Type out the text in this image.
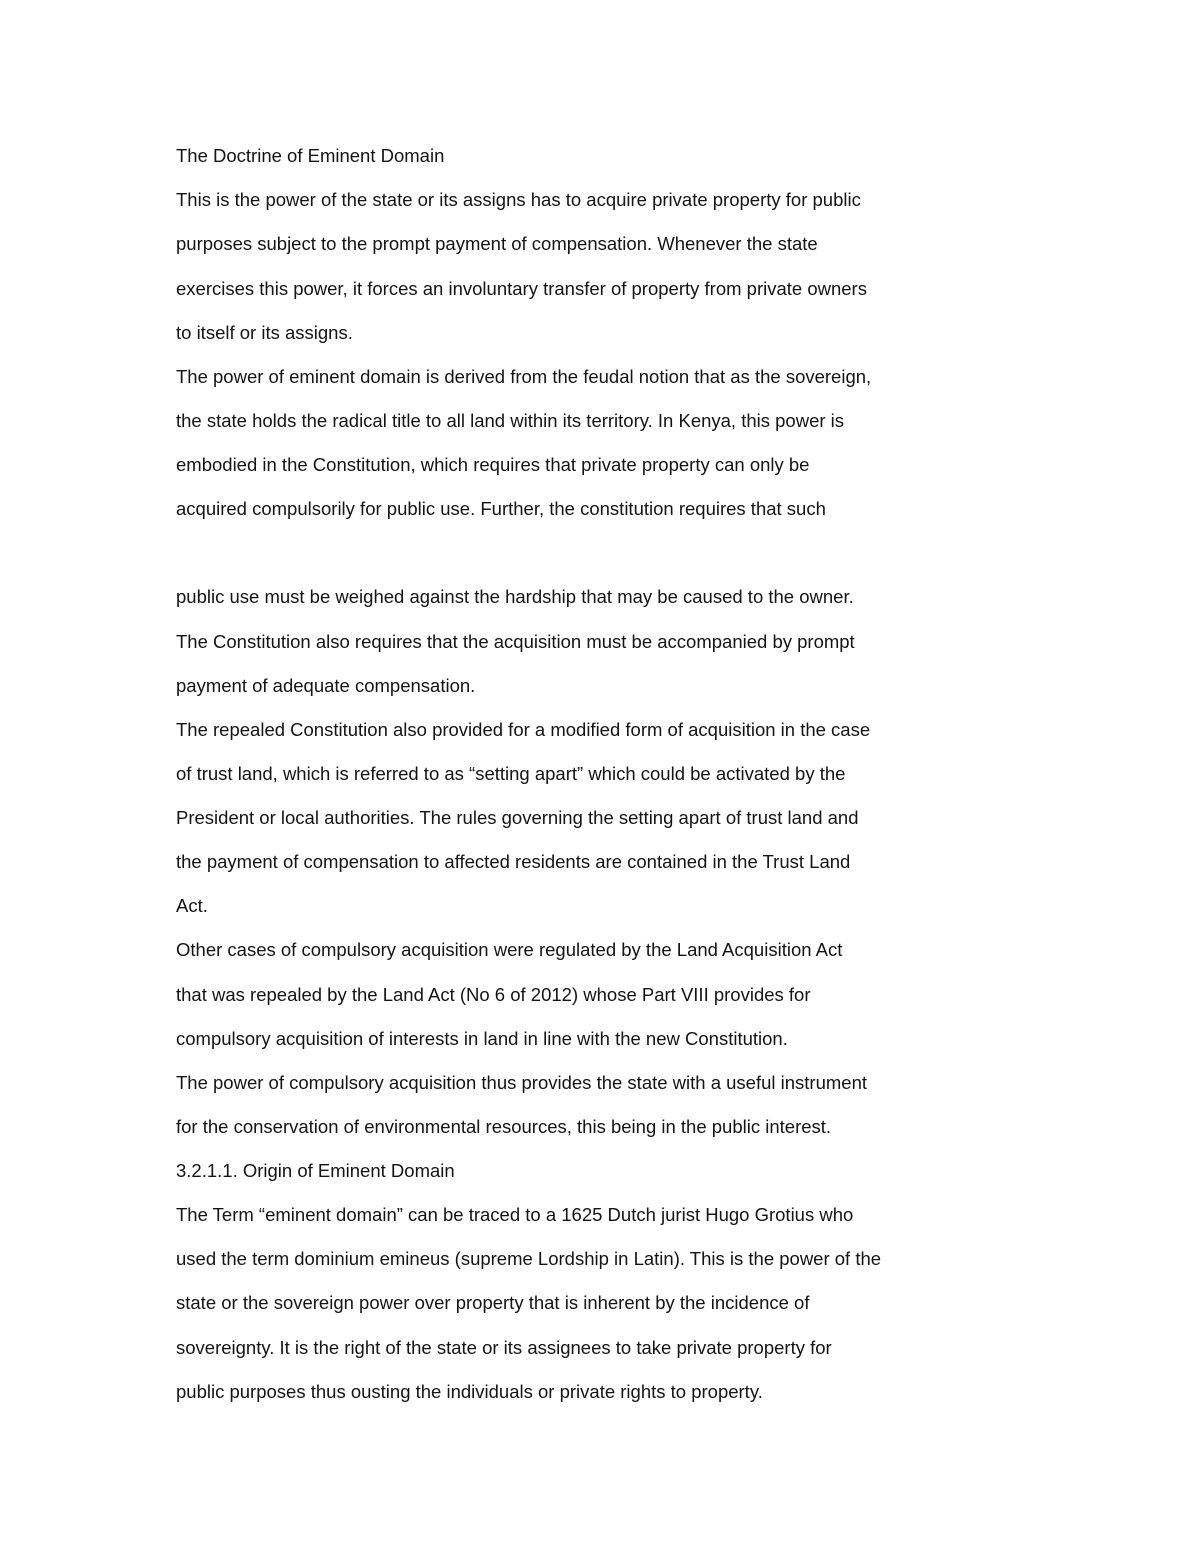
The Doctrine of Eminent Domain
This is the power of the state or its assigns has to acquire private property for public
purposes subject to the prompt payment of compensation. Whenever the state
exercises this power, it forces an involuntary transfer of property from private owners
to itself or its assigns.
The power of eminent domain is derived from the feudal notion that as the sovereign,
the state holds the radical title to all land within its territory. In Kenya, this power is
embodied in the Constitution, which requires that private property can only be
acquired compulsorily for public use. Further, the constitution requires that such
public use must be weighed against the hardship that may be caused to the owner.
The Constitution also requires that the acquisition must be accompanied by prompt
payment of adequate compensation.
The repealed Constitution also provided for a modified form of acquisition in the case
of trust land, which is referred to as “setting apart” which could be activated by the
President or local authorities. The rules governing the setting apart of trust land and
the payment of compensation to affected residents are contained in the Trust Land
Act.
Other cases of compulsory acquisition were regulated by the Land Acquisition Act
that was repealed by the Land Act (No 6 of 2012) whose Part VIII provides for
compulsory acquisition of interests in land in line with the new Constitution.
The power of compulsory acquisition thus provides the state with a useful instrument
for the conservation of environmental resources, this being in the public interest.
3.2.1.1. Origin of Eminent Domain
The Term “eminent domain” can be traced to a 1625 Dutch jurist Hugo Grotius who
used the term dominium emineus (supreme Lordship in Latin). This is the power of the
state or the sovereign power over property that is inherent by the incidence of
sovereignty. It is the right of the state or its assignees to take private property for
public purposes thus ousting the individuals or private rights to property.
